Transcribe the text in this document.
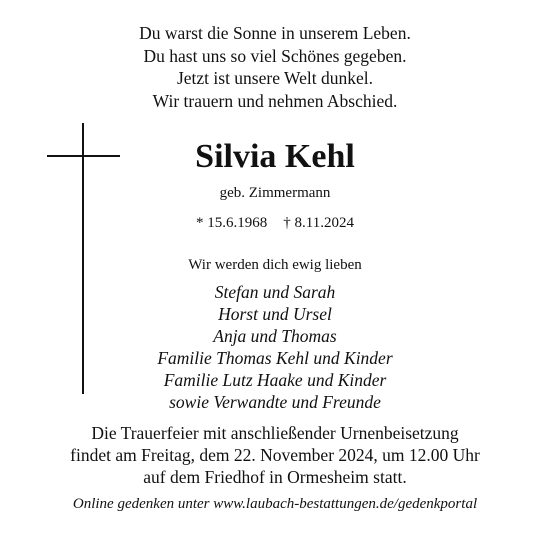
Du warst die Sonne in unserem Leben.
Du hast uns so viel Schönes gegeben.
Jetzt ist unsere Welt dunkel.
Wir trauern und nehmen Abschied.
Silvia Kehl
geb. Zimmermann
* 15.6.1968 † 8.11.2024
Wir werden dich ewig lieben
Stefan und Sarah
Horst und Ursel
Anja und Thomas
Familie Thomas Kehl und Kinder
Familie Lutz Haake und Kinder
sowie Verwandte und Freunde
Die Trauerfeier mit anschließender Urnenbeisetzung
findet am Freitag, dem 22. November 2024, um 12.00 Uhr
auf dem Friedhof in Ormesheim statt.
Online gedenken unter www.laubach-bestattungen.de/gedenkportal
